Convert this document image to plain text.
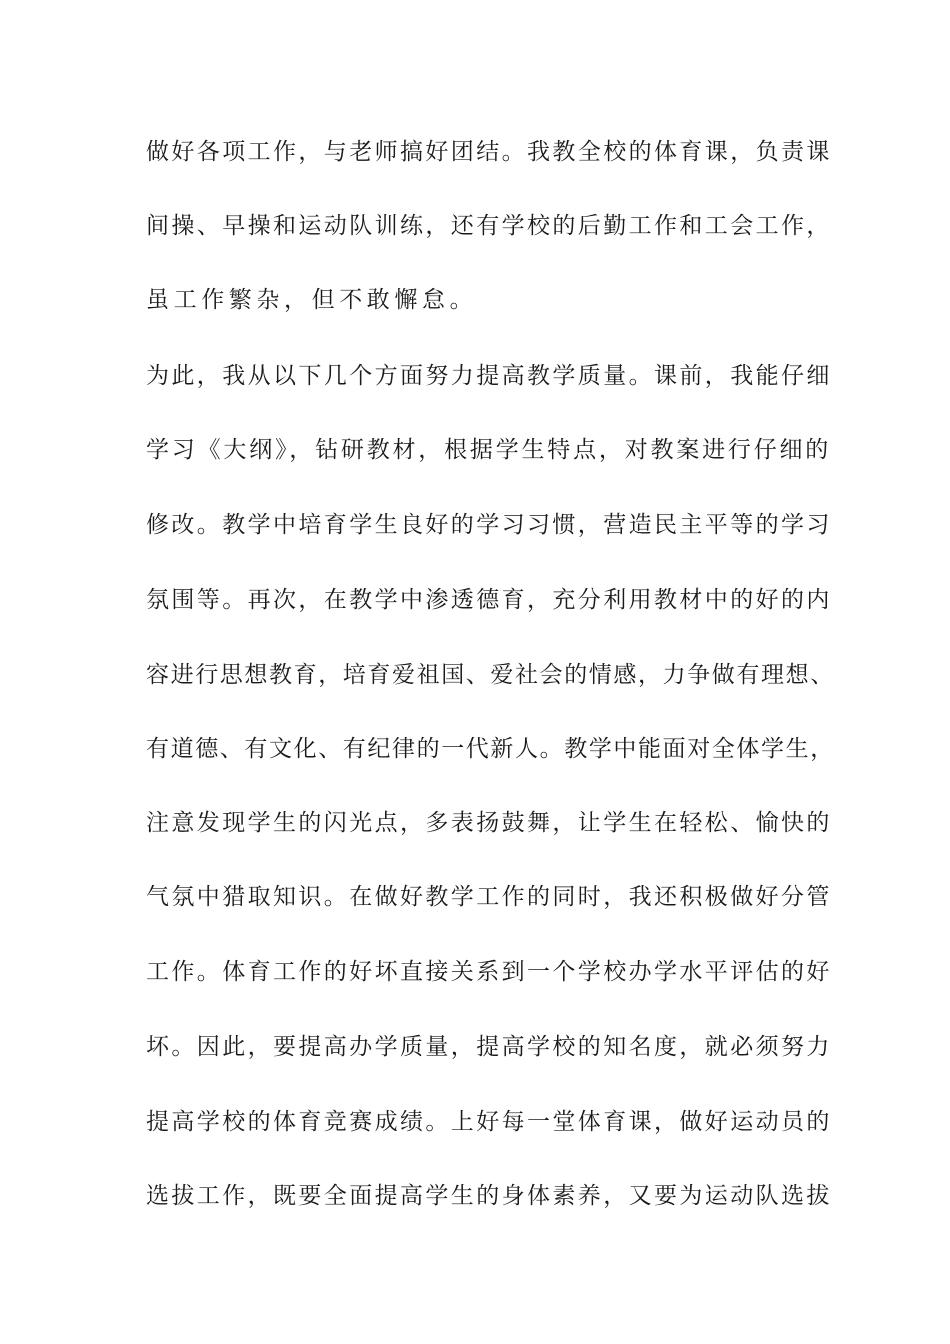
做好各项工作，与老师搞好团结。我教全校的体育课，负责课
间操、早操和运动队训练，还有学校的后勤工作和工会工作，
虽工作繁杂，但不敢懈怠。
为此，我从以下几个方面努力提高教学质量。课前，我能仔细
学习《大纲》，钻研教材，根据学生特点，对教案进行仔细的
修改。教学中培育学生良好的学习习惯，营造民主平等的学习
氛围等。再次，在教学中渗透德育，充分利用教材中的好的内
容进行思想教育，培育爱祖国、爱社会的情感，力争做有理想、
有道德、有文化、有纪律的一代新人。教学中能面对全体学生，
注意发现学生的闪光点，多表扬鼓舞，让学生在轻松、愉快的
气氛中猎取知识。在做好教学工作的同时，我还积极做好分管
工作。体育工作的好坏直接关系到一个学校办学水平评估的好
坏。因此，要提高办学质量，提高学校的知名度，就必须努力
提高学校的体育竞赛成绩。上好每一堂体育课，做好运动员的
选拔工作，既要全面提高学生的身体素养，又要为运动队选拔
